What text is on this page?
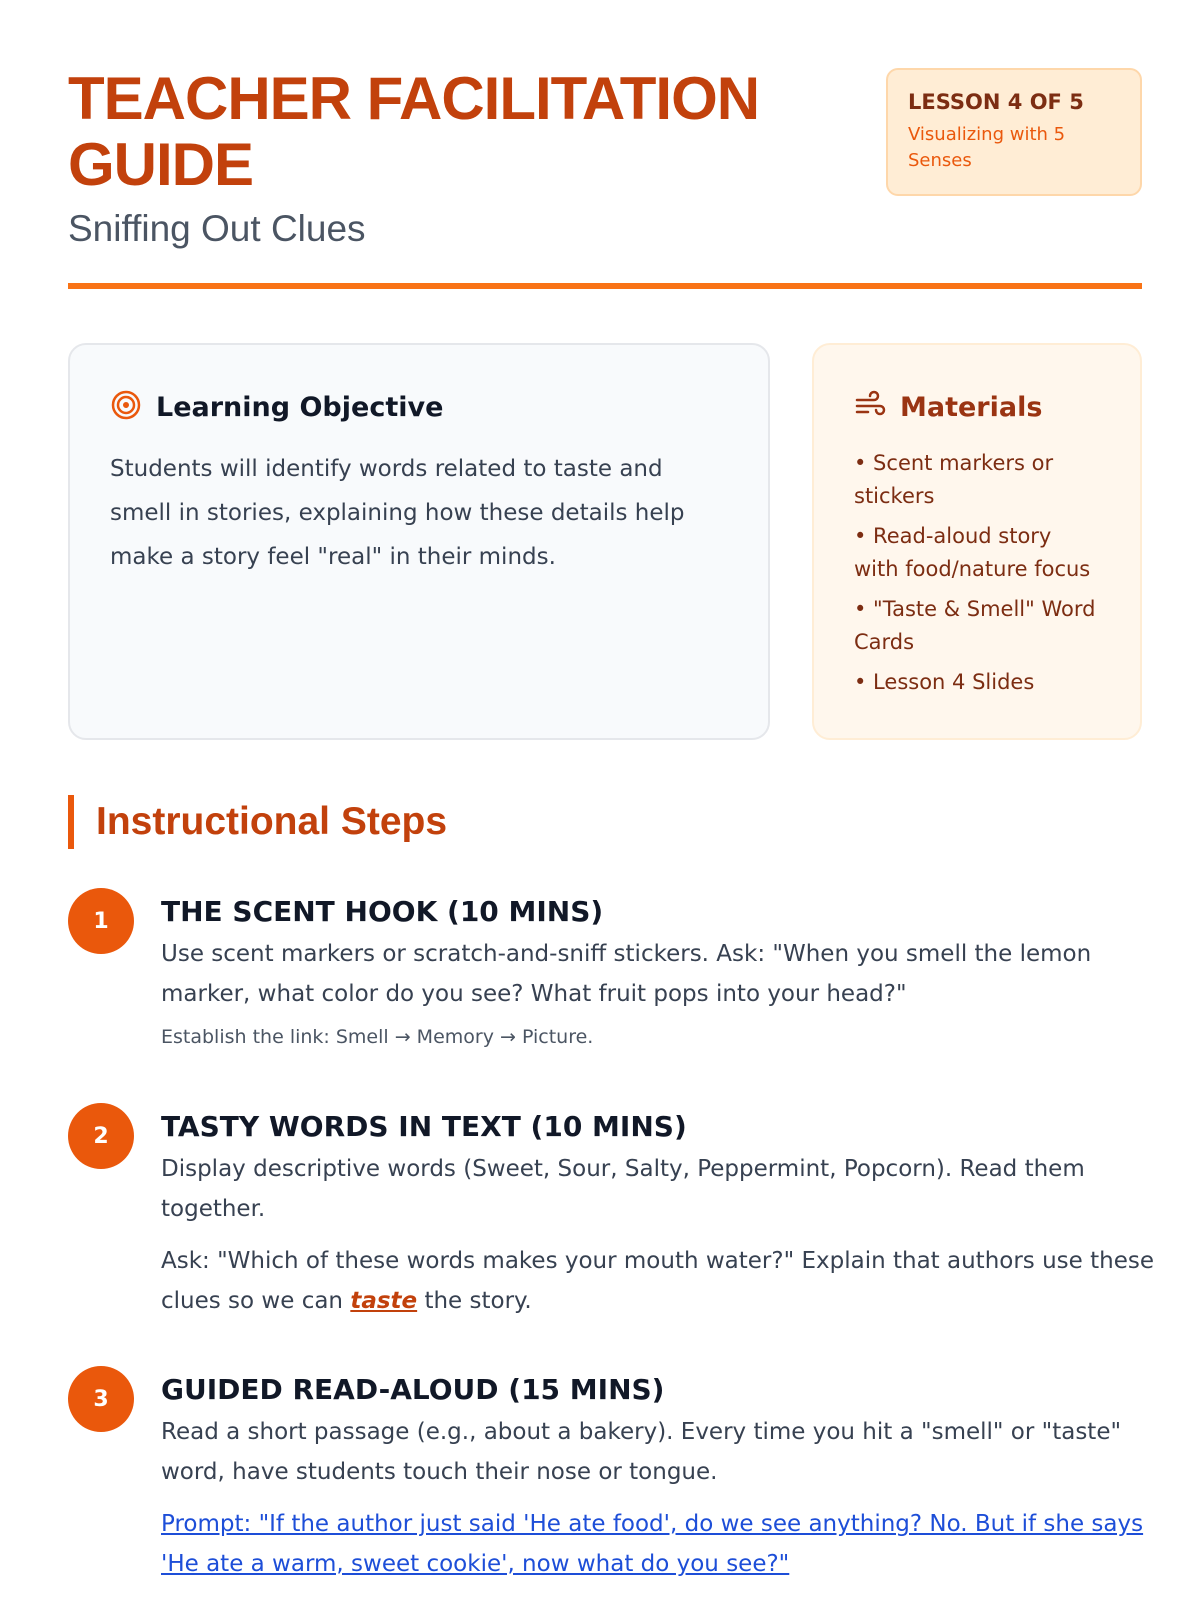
TEACHER FACILITATION GUIDE
Sniffing Out Clues
LESSON 4 OF 5
Visualizing with 5 Senses
Learning Objective
Students will identify words related to taste and smell in stories, explaining how these details help make a story feel "real" in their minds.
Materials
• Scent markers or stickers
• Read-aloud story with food/nature focus
• "Taste & Smell" Word Cards
• Lesson 4 Slides
Instructional Steps
1	THE SCENT HOOK (10 MINS)
Use scent markers or scratch-and-sniff stickers. Ask: "When you smell the lemon marker, what color do you see? What fruit pops into your head?"
Establish the link: Smell → Memory → Picture.
2	TASTY WORDS IN TEXT (10 MINS)
Display descriptive words (Sweet, Sour, Salty, Peppermint, Popcorn). Read them together.
Ask: "Which of these words makes your mouth water?" Explain that authors use these clues so we can taste the story.
3	GUIDED READ-ALOUD (15 MINS)
Read a short passage (e.g., about a bakery). Every time you hit a "smell" or "taste" word, have students touch their nose or tongue.
Prompt: "If the author just said 'He ate food', do we see anything? No. But if she says 'He ate a warm, sweet cookie', now what do you see?"
